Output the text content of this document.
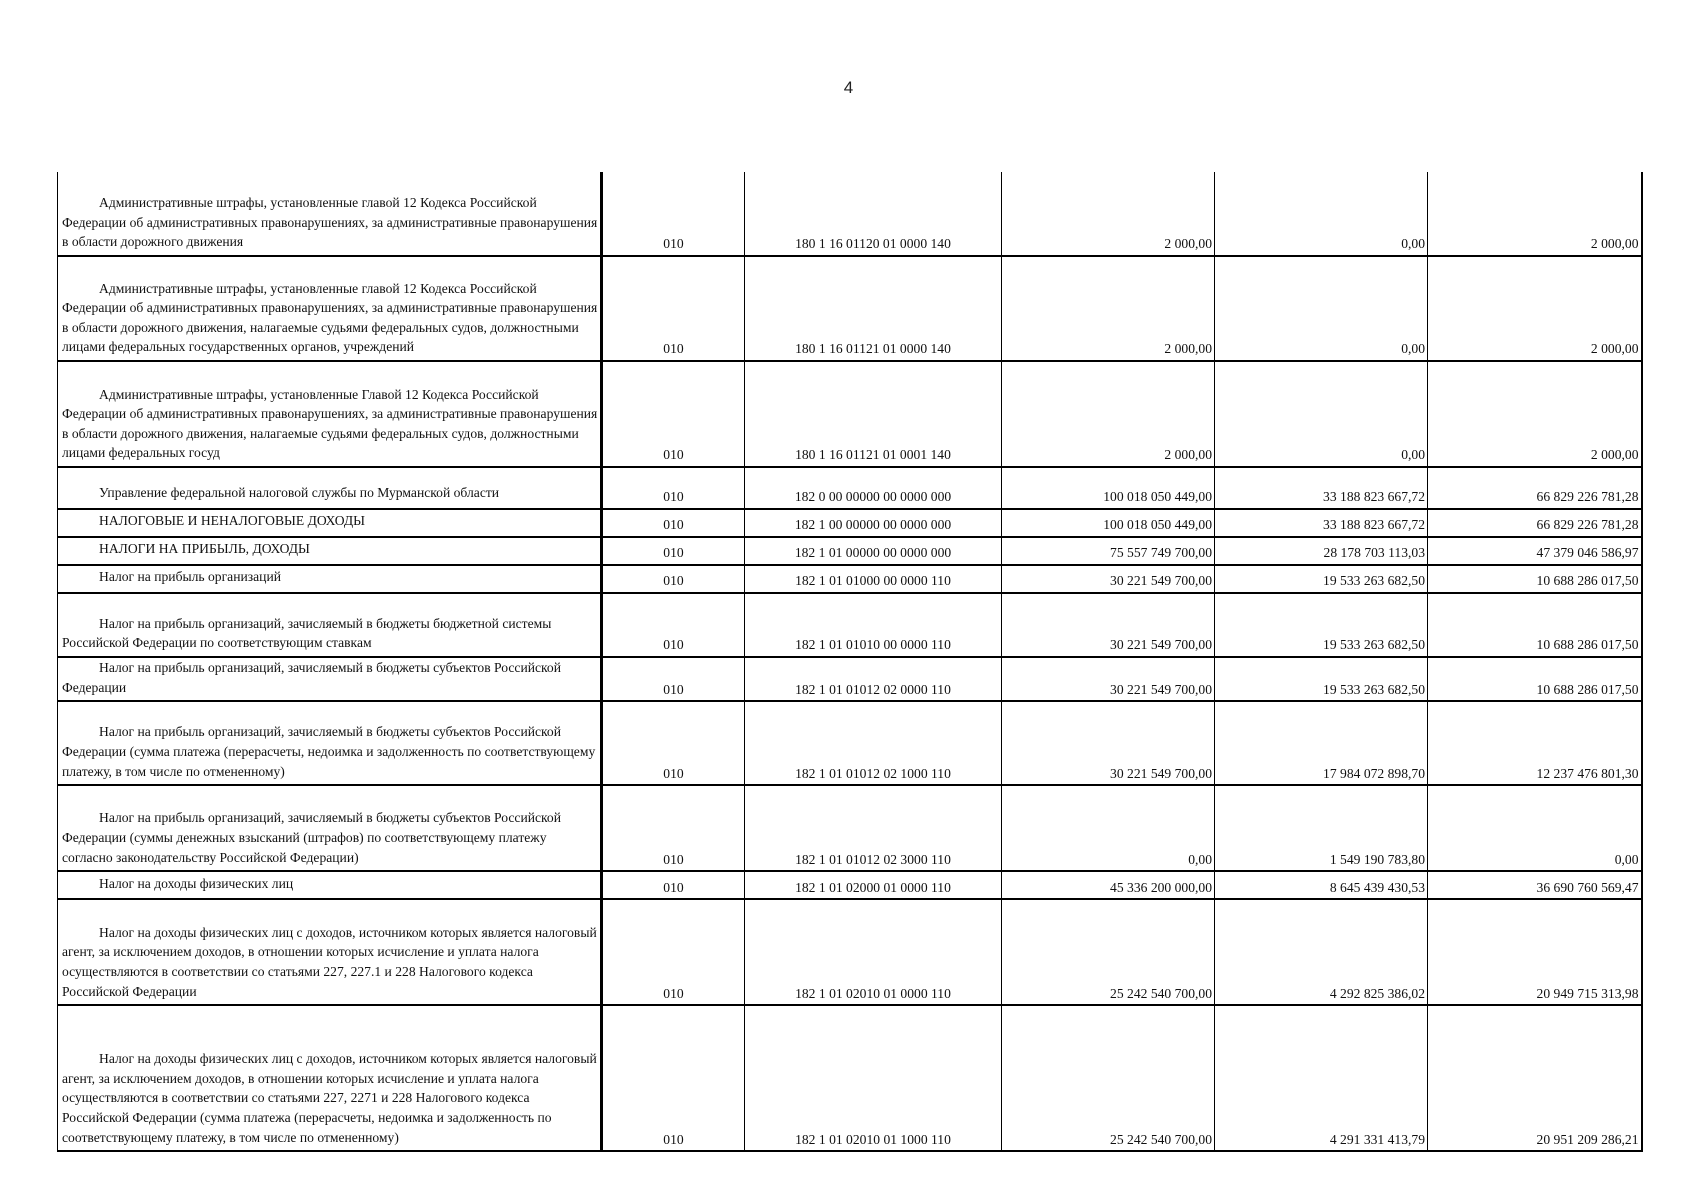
4
Административные штрафы, установленные главой 12 Кодекса Российской Федерации об административных правонарушениях, за административные правонарушения в области дорожного движения	010	180 1 16 01120 01 0000 140	2 000,00	0,00	2 000,00

Административные штрафы, установленные главой 12 Кодекса Российской Федерации об административных правонарушениях, за административные правонарушения в области дорожного движения, налагаемые судьями федеральных судов, должностными лицами федеральных государственных органов, учреждений	010	180 1 16 01121 01 0000 140	2 000,00	0,00	2 000,00

Административные штрафы, установленные Главой 12 Кодекса Российской Федерации об административных правонарушениях, за административные правонарушения в области дорожного движения, налагаемые судьями федеральных судов, должностными лицами федеральных госуд	010	180 1 16 01121 01 0001 140	2 000,00	0,00	2 000,00

Управление федеральной налоговой службы по Мурманской области	010	182 0 00 00000 00 0000 000	100 018 050 449,00	33 188 823 667,72	66 829 226 781,28

НАЛОГОВЫЕ И НЕНАЛОГОВЫЕ ДОХОДЫ	010	182 1 00 00000 00 0000 000	100 018 050 449,00	33 188 823 667,72	66 829 226 781,28

НАЛОГИ НА ПРИБЫЛЬ, ДОХОДЫ	010	182 1 01 00000 00 0000 000	75 557 749 700,00	28 178 703 113,03	47 379 046 586,97

Налог на прибыль организаций	010	182 1 01 01000 00 0000 110	30 221 549 700,00	19 533 263 682,50	10 688 286 017,50

Налог на прибыль организаций, зачисляемый в бюджеты бюджетной системы Российской Федерации по соответствующим ставкам	010	182 1 01 01010 00 0000 110	30 221 549 700,00	19 533 263 682,50	10 688 286 017,50

Налог на прибыль организаций, зачисляемый в бюджеты субъектов Российской Федерации	010	182 1 01 01012 02 0000 110	30 221 549 700,00	19 533 263 682,50	10 688 286 017,50

Налог на прибыль организаций, зачисляемый в бюджеты субъектов Российской Федерации (сумма платежа (перерасчеты, недоимка и задолженность по соответствующему платежу, в том числе по отмененному)	010	182 1 01 01012 02 1000 110	30 221 549 700,00	17 984 072 898,70	12 237 476 801,30

Налог на прибыль организаций, зачисляемый в бюджеты субъектов Российской Федерации (суммы денежных взысканий (штрафов) по соответствующему платежу согласно законодательству Российской Федерации)	010	182 1 01 01012 02 3000 110	0,00	1 549 190 783,80	0,00

Налог на доходы физических лиц	010	182 1 01 02000 01 0000 110	45 336 200 000,00	8 645 439 430,53	36 690 760 569,47

Налог на доходы физических лиц с доходов, источником которых является налоговый агент, за исключением доходов, в отношении которых исчисление и уплата налога осуществляются в соответствии со статьями 227, 227.1 и 228 Налогового кодекса Российской Федерации	010	182 1 01 02010 01 0000 110	25 242 540 700,00	4 292 825 386,02	20 949 715 313,98

Налог на доходы физических лиц с доходов, источником которых является налоговый агент, за исключением доходов, в отношении которых исчисление и уплата налога осуществляются в соответствии со статьями 227, 2271 и 228 Налогового кодекса Российской Федерации (сумма платежа (перерасчеты, недоимка и задолженность по соответствующему платежу, в том числе по отмененному)	010	182 1 01 02010 01 1000 110	25 242 540 700,00	4 291 331 413,79	20 951 209 286,21
